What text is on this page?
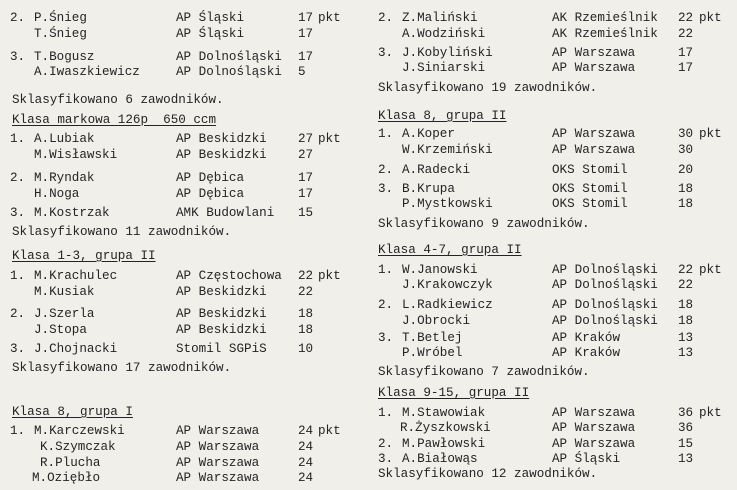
2. P.Śnieg	AP Śląski	17 pkt
T.Śnieg	AP Śląski	17
3. T.Bogusz	AP Dolnośląski 17
A.Iwaszkiewicz	AP Dolnośląski 5
Sklasyfikowano 6 zawodników.
Klasa markowa 126p  650 ccm
1. A.Lubiak	AP Beskidzki 27 pkt
M.Wisławski	AP Beskidzki 27
2. M.Ryndak	AP Dębica	17
H.Noga	AP Dębica	17
3. M.Kostrzak	AMK Budowlani 15
Sklasyfikowano 11 zawodników.
Klasa 1-3, grupa II
1. M.Krachulec	AP Częstochowa 22 pkt
M.Kusiak	AP Beskidzki 22
2. J.Szerla	AP Beskidzki 18
J.Stopa	AP Beskidzki 18
3. J.Chojnacki	Stomil SGPiS 10
Sklasyfikowano 17 zawodników.
Klasa 8, grupa I
1. M.Karczewski	AP Warszawa	24 pkt
K.Szymczak	AP Warszawa	24
R.Plucha	AP Warszawa	24
M.Oziębło	AP Warszawa	24
2. Z.Maliński	AK Rzemieślnik 22 pkt
A.Wodziński	AK Rzemieślnik 22
3. J.Kobyliński	AP Warszawa	17
J.Siniarski	AP Warszawa	17
Sklasyfikowano 19 zawodników.
Klasa 8, grupa II
1. A.Koper	AP Warszawa	30 pkt
W.Krzemiński	AP Warszawa	30
2. A.Radecki	OKS Stomil	20
3. B.Krupa	OKS Stomil	18
P.Mystkowski	OKS Stomil	18
Sklasyfikowano 9 zawodników.
Klasa 4-7, grupa II
1. W.Janowski	AP Dolnośląski 22 pkt
J.Krakowczyk	AP Dolnośląski 22
2. L.Radkiewicz	AP Dolnośląski 18
J.Obrocki	AP Dolnośląski 18
3. T.Betlej	AP Kraków	13
P.Wróbel	AP Kraków	13
Sklasyfikowano 7 zawodników.
Klasa 9-15, grupa II
1. M.Stawowiak	AP Warszawa	36 pkt
R.Żyszkowski	AP Warszawa	36
2. M.Pawłowski	AP Warszawa	15
3. A.Białowąs	AP Śląski	13
Sklasyfikowano 12 zawodników.
